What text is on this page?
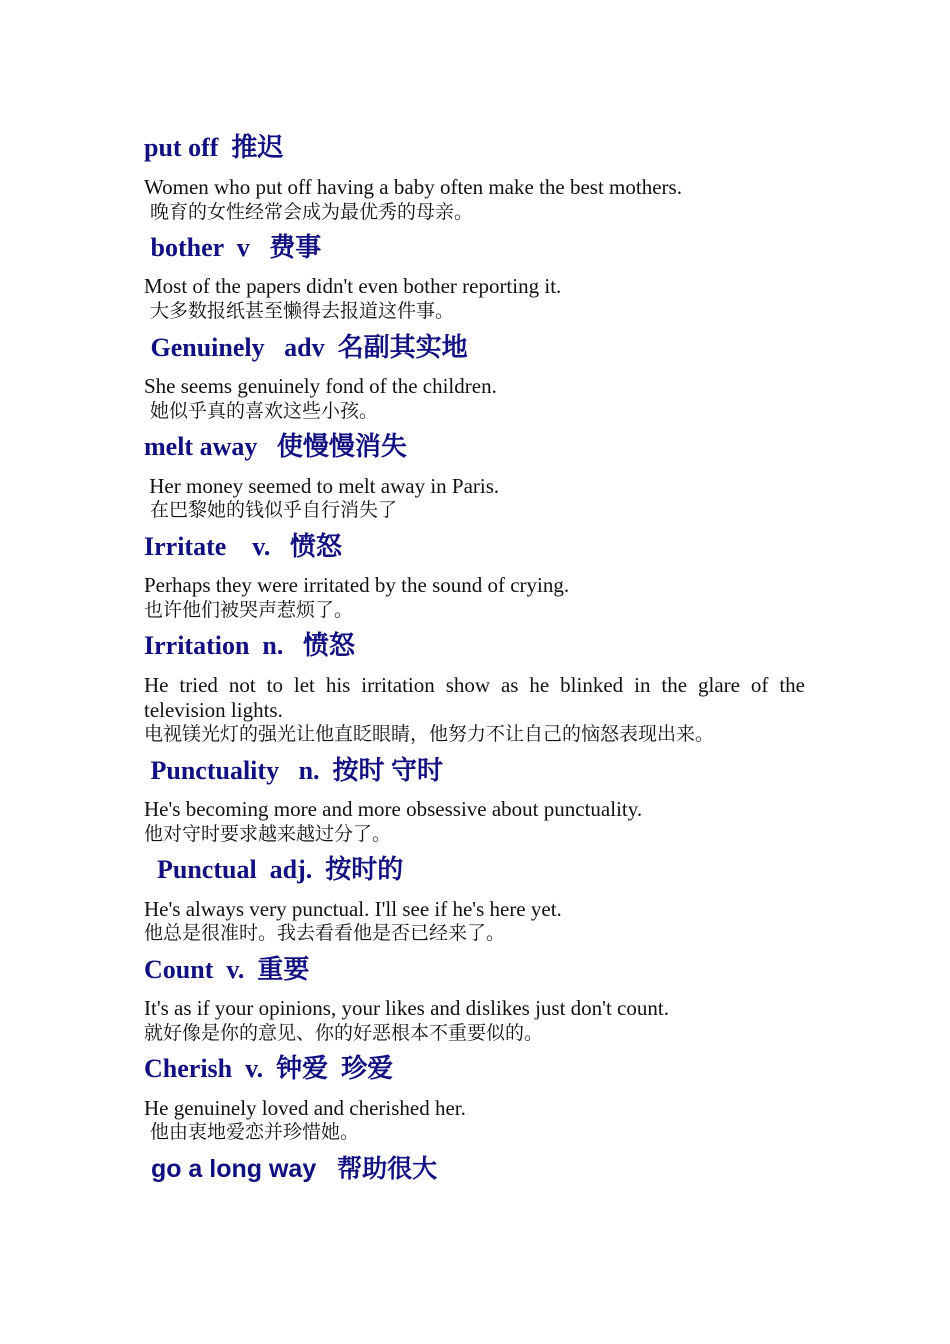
put off  推迟

Women who put off having a baby often make the best mothers.

晚育的女性经常会成为最优秀的母亲。

bother  v   费事

Most of the papers didn't even bother reporting it.

大多数报纸甚至懒得去报道这件事。

Genuinely   adv  名副其实地

She seems genuinely fond of the children.

她似乎真的喜欢这些小孩。

melt away   使慢慢消失

Her money seemed to melt away in Paris.

在巴黎她的钱似乎自行消失了

Irritate    v.   愤怒

Perhaps they were irritated by the sound of crying.

也许他们被哭声惹烦了。

Irritation  n.   愤怒

He tried not to let his irritation show as he blinked in the glare of the

television lights.

电视镁光灯的强光让他直眨眼睛，他努力不让自己的恼怒表现出来。

Punctuality   n.  按时 守时

He's becoming more and more obsessive about punctuality.

他对守时要求越来越过分了。

Punctual  adj.  按时的

He's always very punctual. I'll see if he's here yet.

他总是很准时。我去看看他是否已经来了。

Count  v.  重要

It's as if your opinions, your likes and dislikes just don't count.

就好像是你的意见、你的好恶根本不重要似的。

Cherish  v.  钟爱  珍爱

He genuinely loved and cherished her.

他由衷地爱恋并珍惜她。

go a long way   帮助很大
